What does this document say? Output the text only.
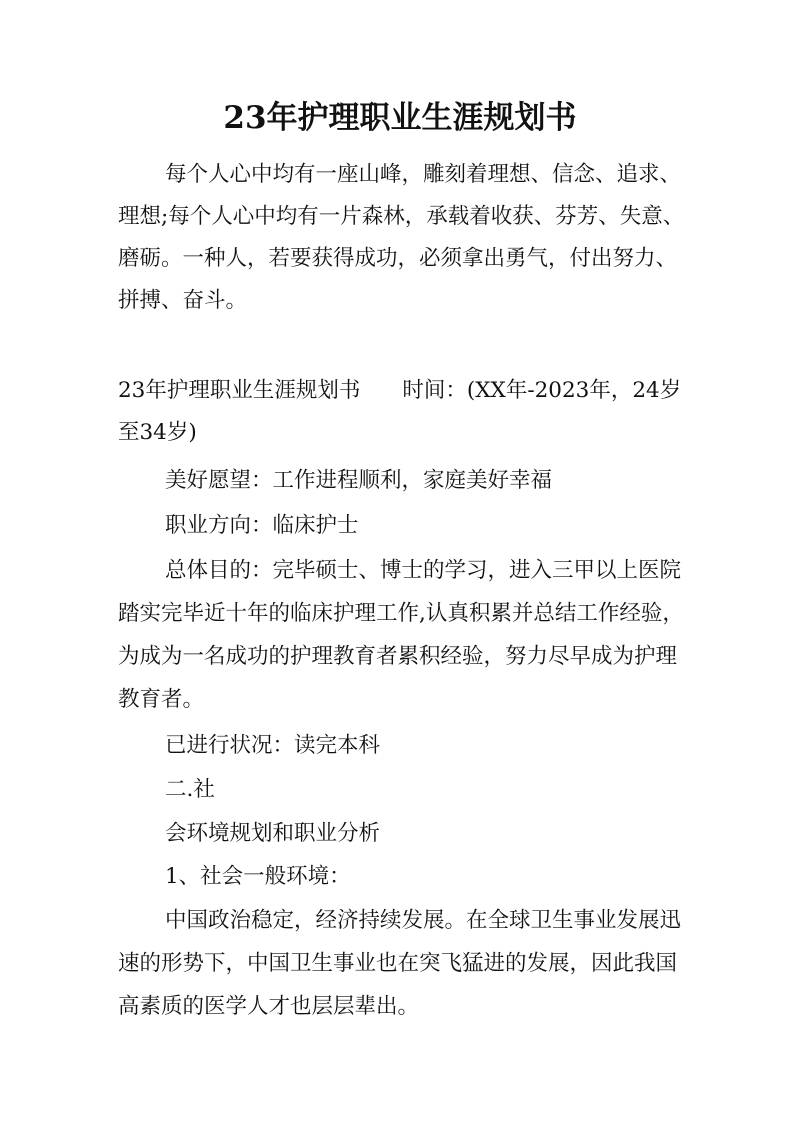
23年护理职业生涯规划书
每个人心中均有一座山峰，雕刻着理想、信念、追求、
理想;每个人心中均有一片森林，承载着收获、芬芳、失意、
磨砺。一种人，若要获得成功，必须拿出勇气，付出努力、
拼搏、奋斗。
23年护理职业生涯规划书 时间：(XX年-2023年，24岁
至34岁)
美好愿望：工作进程顺利，家庭美好幸福
职业方向：临床护士
总体目的：完毕硕士、博士的学习，进入三甲以上医院
踏实完毕近十年的临床护理工作,认真积累并总结工作经验，
为成为一名成功的护理教育者累积经验，努力尽早成为护理
教育者。
已进行状况：读完本科
二.社
会环境规划和职业分析
1、社会一般环境：
中国政治稳定，经济持续发展。在全球卫生事业发展迅
速的形势下，中国卫生事业也在突飞猛进的发展，因此我国
高素质的医学人才也层层辈出。
